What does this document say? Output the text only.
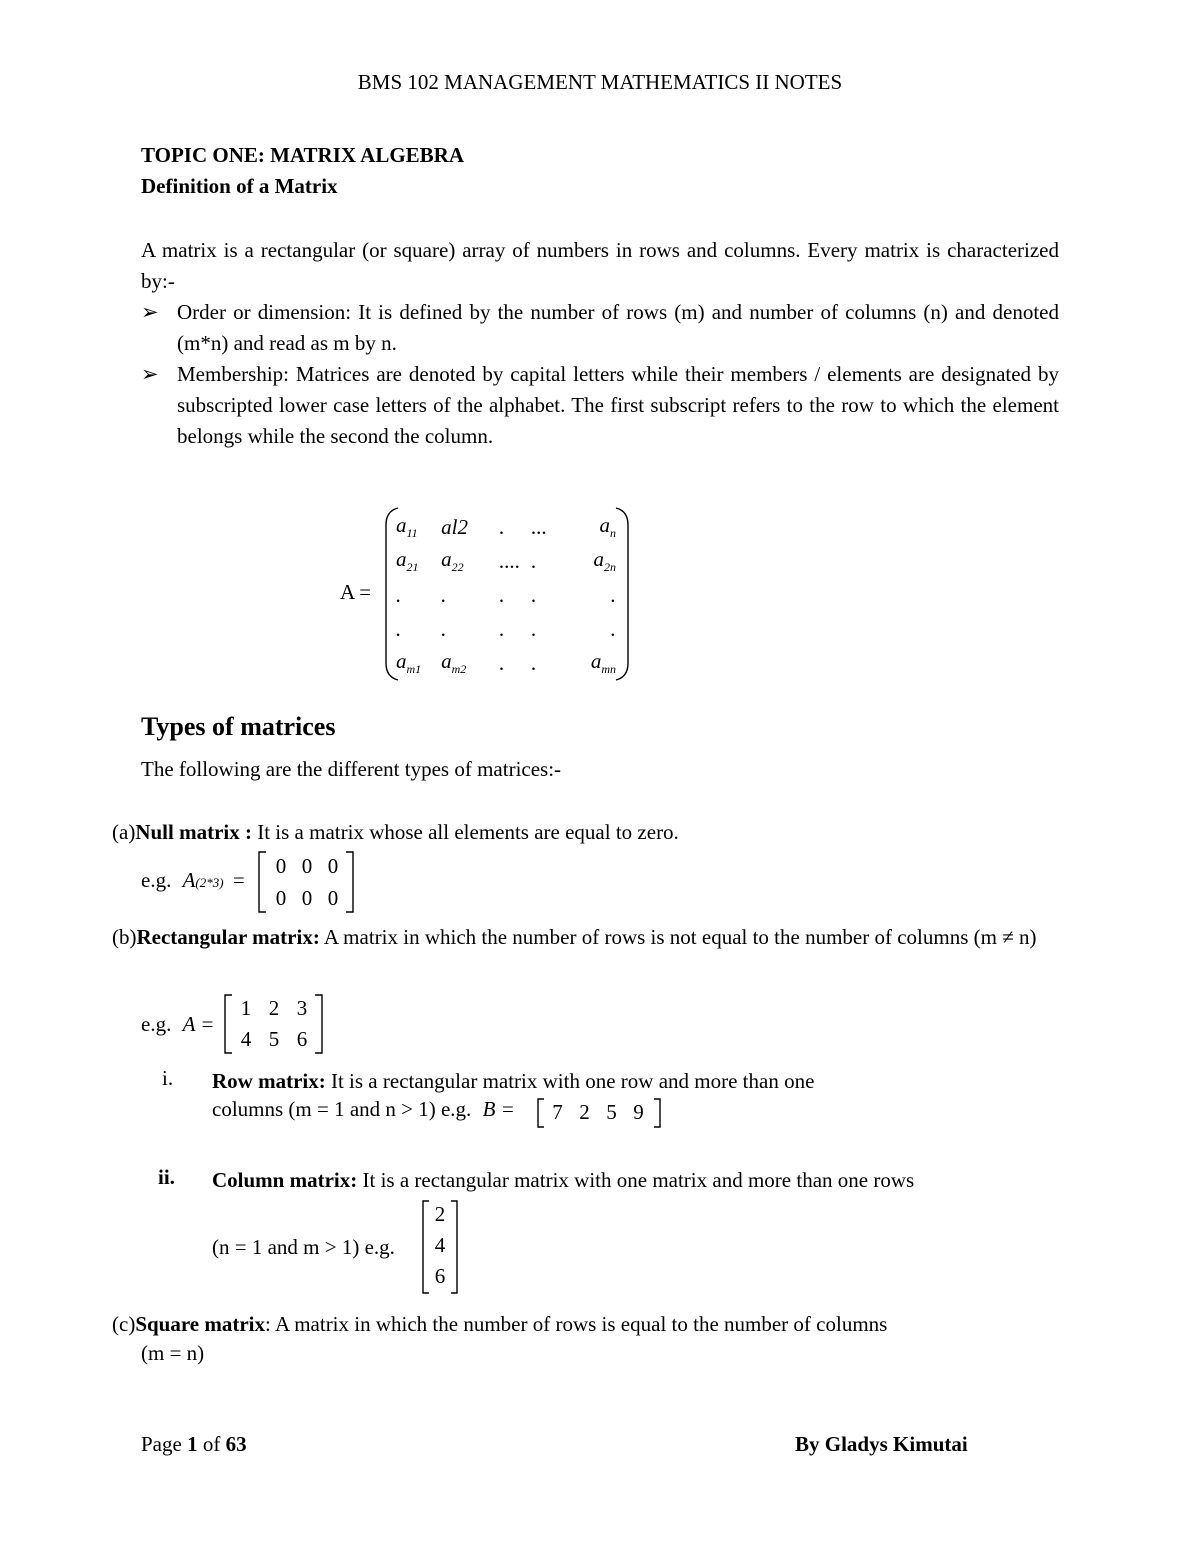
BMS 102 MANAGEMENT MATHEMATICS II NOTES
TOPIC ONE: MATRIX ALGEBRA
Definition of a Matrix
A matrix is a rectangular (or square) array of numbers in rows and columns. Every matrix is characterized by:-
➢ Order or dimension: It is defined by the number of rows (m) and number of columns (n) and denoted (m*n) and read as m by n.
➢ Membership: Matrices are denoted by capital letters while their members / elements are designated by subscripted lower case letters of the alphabet. The first subscript refers to the row to which the element belongs while the second the column.
A =
$a_{11}$	al2	.	...	$a_n$
$a_{21}$	$a_{22}$	.... .	$a_{2n}$
.	.	.	.	.
.	.	.	.	.
$a_{m1}$ $a_{m2}$	.	.	$a_{mn}$
Types of matrices
The following are the different types of matrices:-
(a)Null matrix : It is a matrix whose all elements are equal to zero.
e.g. A(2*3) =
0 0 0
0 0 0
(b)Rectangular matrix: A matrix in which the number of rows is not equal to the number of columns (m ≠ n)
e.g. A =
1 2 3
4 5 6
i. Row matrix: It is a rectangular matrix with one row and more than one
columns (m = 1 and n > 1) e.g. B =	7 2 5 9
ii. Column matrix: It is a rectangular matrix with one matrix and more than one rows
(n = 1 and m > 1) e.g.
2
4
6
(c)Square matrix: A matrix in which the number of rows is equal to the number of columns
(m = n)
Page 1 of 63	By Gladys Kimutai
